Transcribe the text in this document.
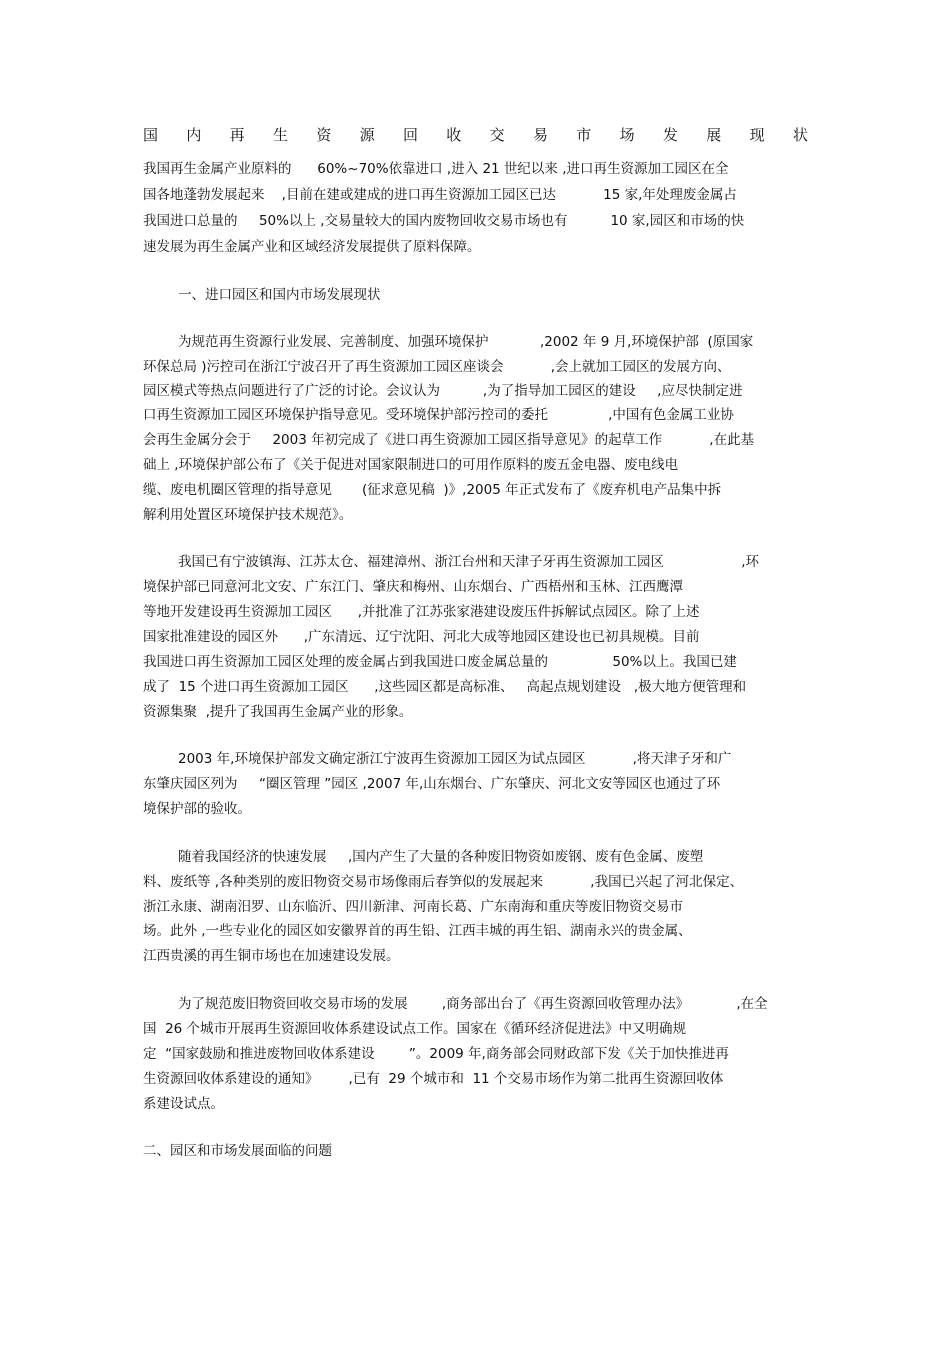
国 内 再 生 资 源 回 收 交 易 市 场 发 展 现 状
我国再生金属产业原料的      60%~70%依靠进口 ,进入 21 世纪以来 ,进口再生资源加工园区在全
国各地蓬勃发展起来    ,目前在建或建成的进口再生资源加工园区已达           15 家,年处理废金属占
我国进口总量的     50%以上 ,交易量较大的国内废物回收交易市场也有          10 家,园区和市场的快
速发展为再生金属产业和区域经济发展提供了原料保障。
一、进口园区和国内市场发展现状
为规范再生资源行业发展、完善制度、加强环境保护            ,2002 年 9 月,环境保护部  (原国家
环保总局 )污控司在浙江宁波召开了再生资源加工园区座谈会           ,会上就加工园区的发展方向、
园区模式等热点问题进行了广泛的讨论。会议认为          ,为了指导加工园区的建设     ,应尽快制定进
口再生资源加工园区环境保护指导意见。受环境保护部污控司的委托              ,中国有色金属工业协
会再生金属分会于     2003 年初完成了《进口再生资源加工园区指导意见》的起草工作           ,在此基
础上 ,环境保护部公布了《关于促进对国家限制进口的可用作原料的废五金电器、废电线电
缆、废电机圈区管理的指导意见       (征求意见稿  )》,2005 年正式发布了《废弃机电产品集中拆
解利用处置区环境保护技术规范》。
我国已有宁波镇海、江苏太仓、福建漳州、浙江台州和天津子牙再生资源加工园区                  ,环
境保护部已同意河北文安、广东江门、肇庆和梅州、山东烟台、广西梧州和玉林、江西鹰潭
等地开发建设再生资源加工园区      ,并批准了江苏张家港建设废压件拆解试点园区。除了上述
国家批准建设的园区外      ,广东清远、辽宁沈阳、河北大成等地园区建设也已初具规模。目前
我国进口再生资源加工园区处理的废金属占到我国进口废金属总量的               50%以上。我国已建
成了  15 个进口再生资源加工园区      ,这些园区都是高标准、   高起点规划建设   ,极大地方便管理和
资源集聚  ,提升了我国再生金属产业的形象。
2003 年,环境保护部发文确定浙江宁波再生资源加工园区为试点园区           ,将天津子牙和广
东肇庆园区列为     “圈区管理 ”园区 ,2007 年,山东烟台、广东肇庆、河北文安等园区也通过了环
境保护部的验收。
随着我国经济的快速发展     ,国内产生了大量的各种废旧物资如废钢、废有色金属、废塑
料、废纸等 ,各种类别的废旧物资交易市场像雨后春笋似的发展起来           ,我国已兴起了河北保定、
浙江永康、湖南汨罗、山东临沂、四川新津、河南长葛、广东南海和重庆等废旧物资交易市
场。此外 ,一些专业化的园区如安徽界首的再生铅、江西丰城的再生铝、湖南永兴的贵金属、
江西贵溪的再生铜市场也在加速建设发展。
为了规范废旧物资回收交易市场的发展        ,商务部出台了《再生资源回收管理办法》           ,在全
国  26 个城市开展再生资源回收体系建设试点工作。国家在《循环经济促进法》中又明确规
定  “国家鼓励和推进废物回收体系建设        ”。2009 年,商务部会同财政部下发《关于加快推进再
生资源回收体系建设的通知》       ,已有  29 个城市和  11 个交易市场作为第二批再生资源回收体
系建设试点。
二、园区和市场发展面临的问题
